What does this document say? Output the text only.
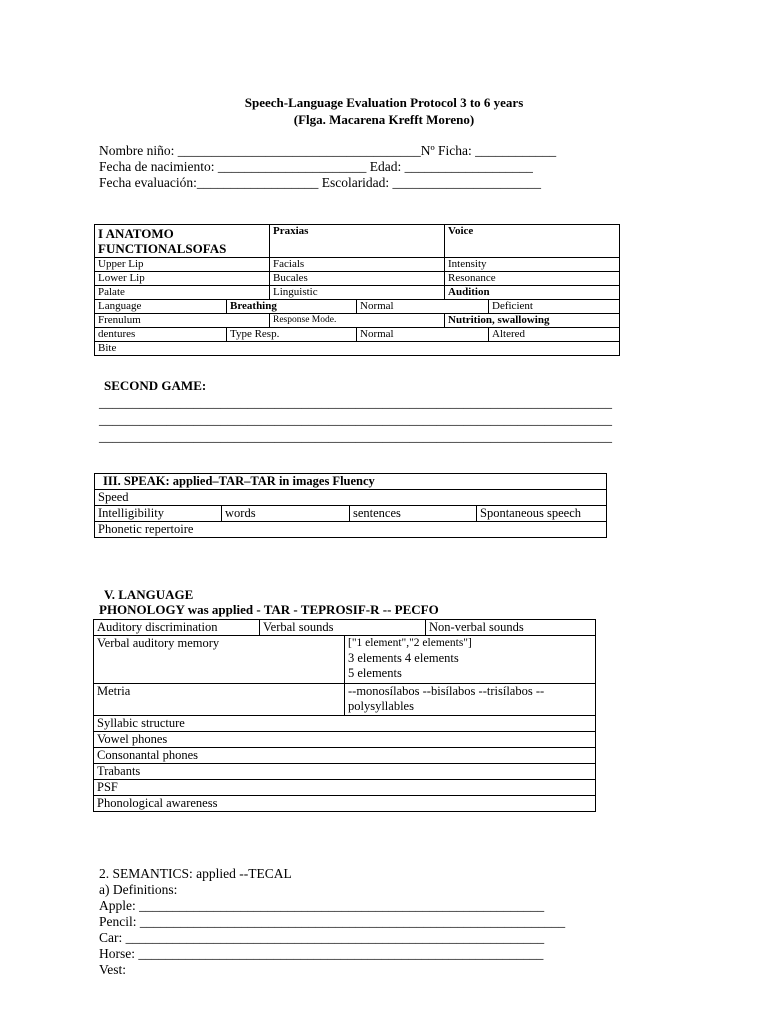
Speech-Language Evaluation Protocol 3 to 6 years
(Flga. Macarena Krefft Moreno)
Nombre niño: ____________________________________Nº Ficha: ____________
Fecha de nacimiento: ______________________ Edad: ___________________
Fecha evaluación:__________________ Escolaridad: ______________________
I ANATOMO FUNCTIONALSOFAS		Praxias		Voice	
Upper Lip		Facials		Intensity	
Lower Lip		Bucales		Resonance	
Palate		Linguistic		Audition	
Language	Breathing		Normal		Deficient
Frenulum		Response Mode.		Nutrition, swallowing	
dentures	Type Resp.		Normal		Altered
Bite					
SECOND GAME:
____________________________________________________________________________
____________________________________________________________________________
____________________________________________________________________________
III. SPEAK: applied–TAR–TAR in images Fluency
Speed
Intelligibility	words	sentences	Spontaneous speech
Phonetic repertoire
V. LANGUAGE
PHONOLOGY was applied - TAR - TEPROSIF-R -- PECFO
Auditory discrimination	Verbal sounds		Non-verbal sounds
Verbal auditory memory		["1 element","2 elements"]
3 elements 4 elements
5 elements	

Metria		--monosílabos --bisílabos --trisílabos --polysyllables	
Syllabic structure			
Vowel phones			
Consonantal phones			
Trabants			
PSF			
Phonological awareness			
2. SEMANTICS: applied --TECAL
a) Definitions:
Apple: ____________________________________________________________
Pencil: _______________________________________________________________
Car: ______________________________________________________________
Horse: ____________________________________________________________
Vest:
